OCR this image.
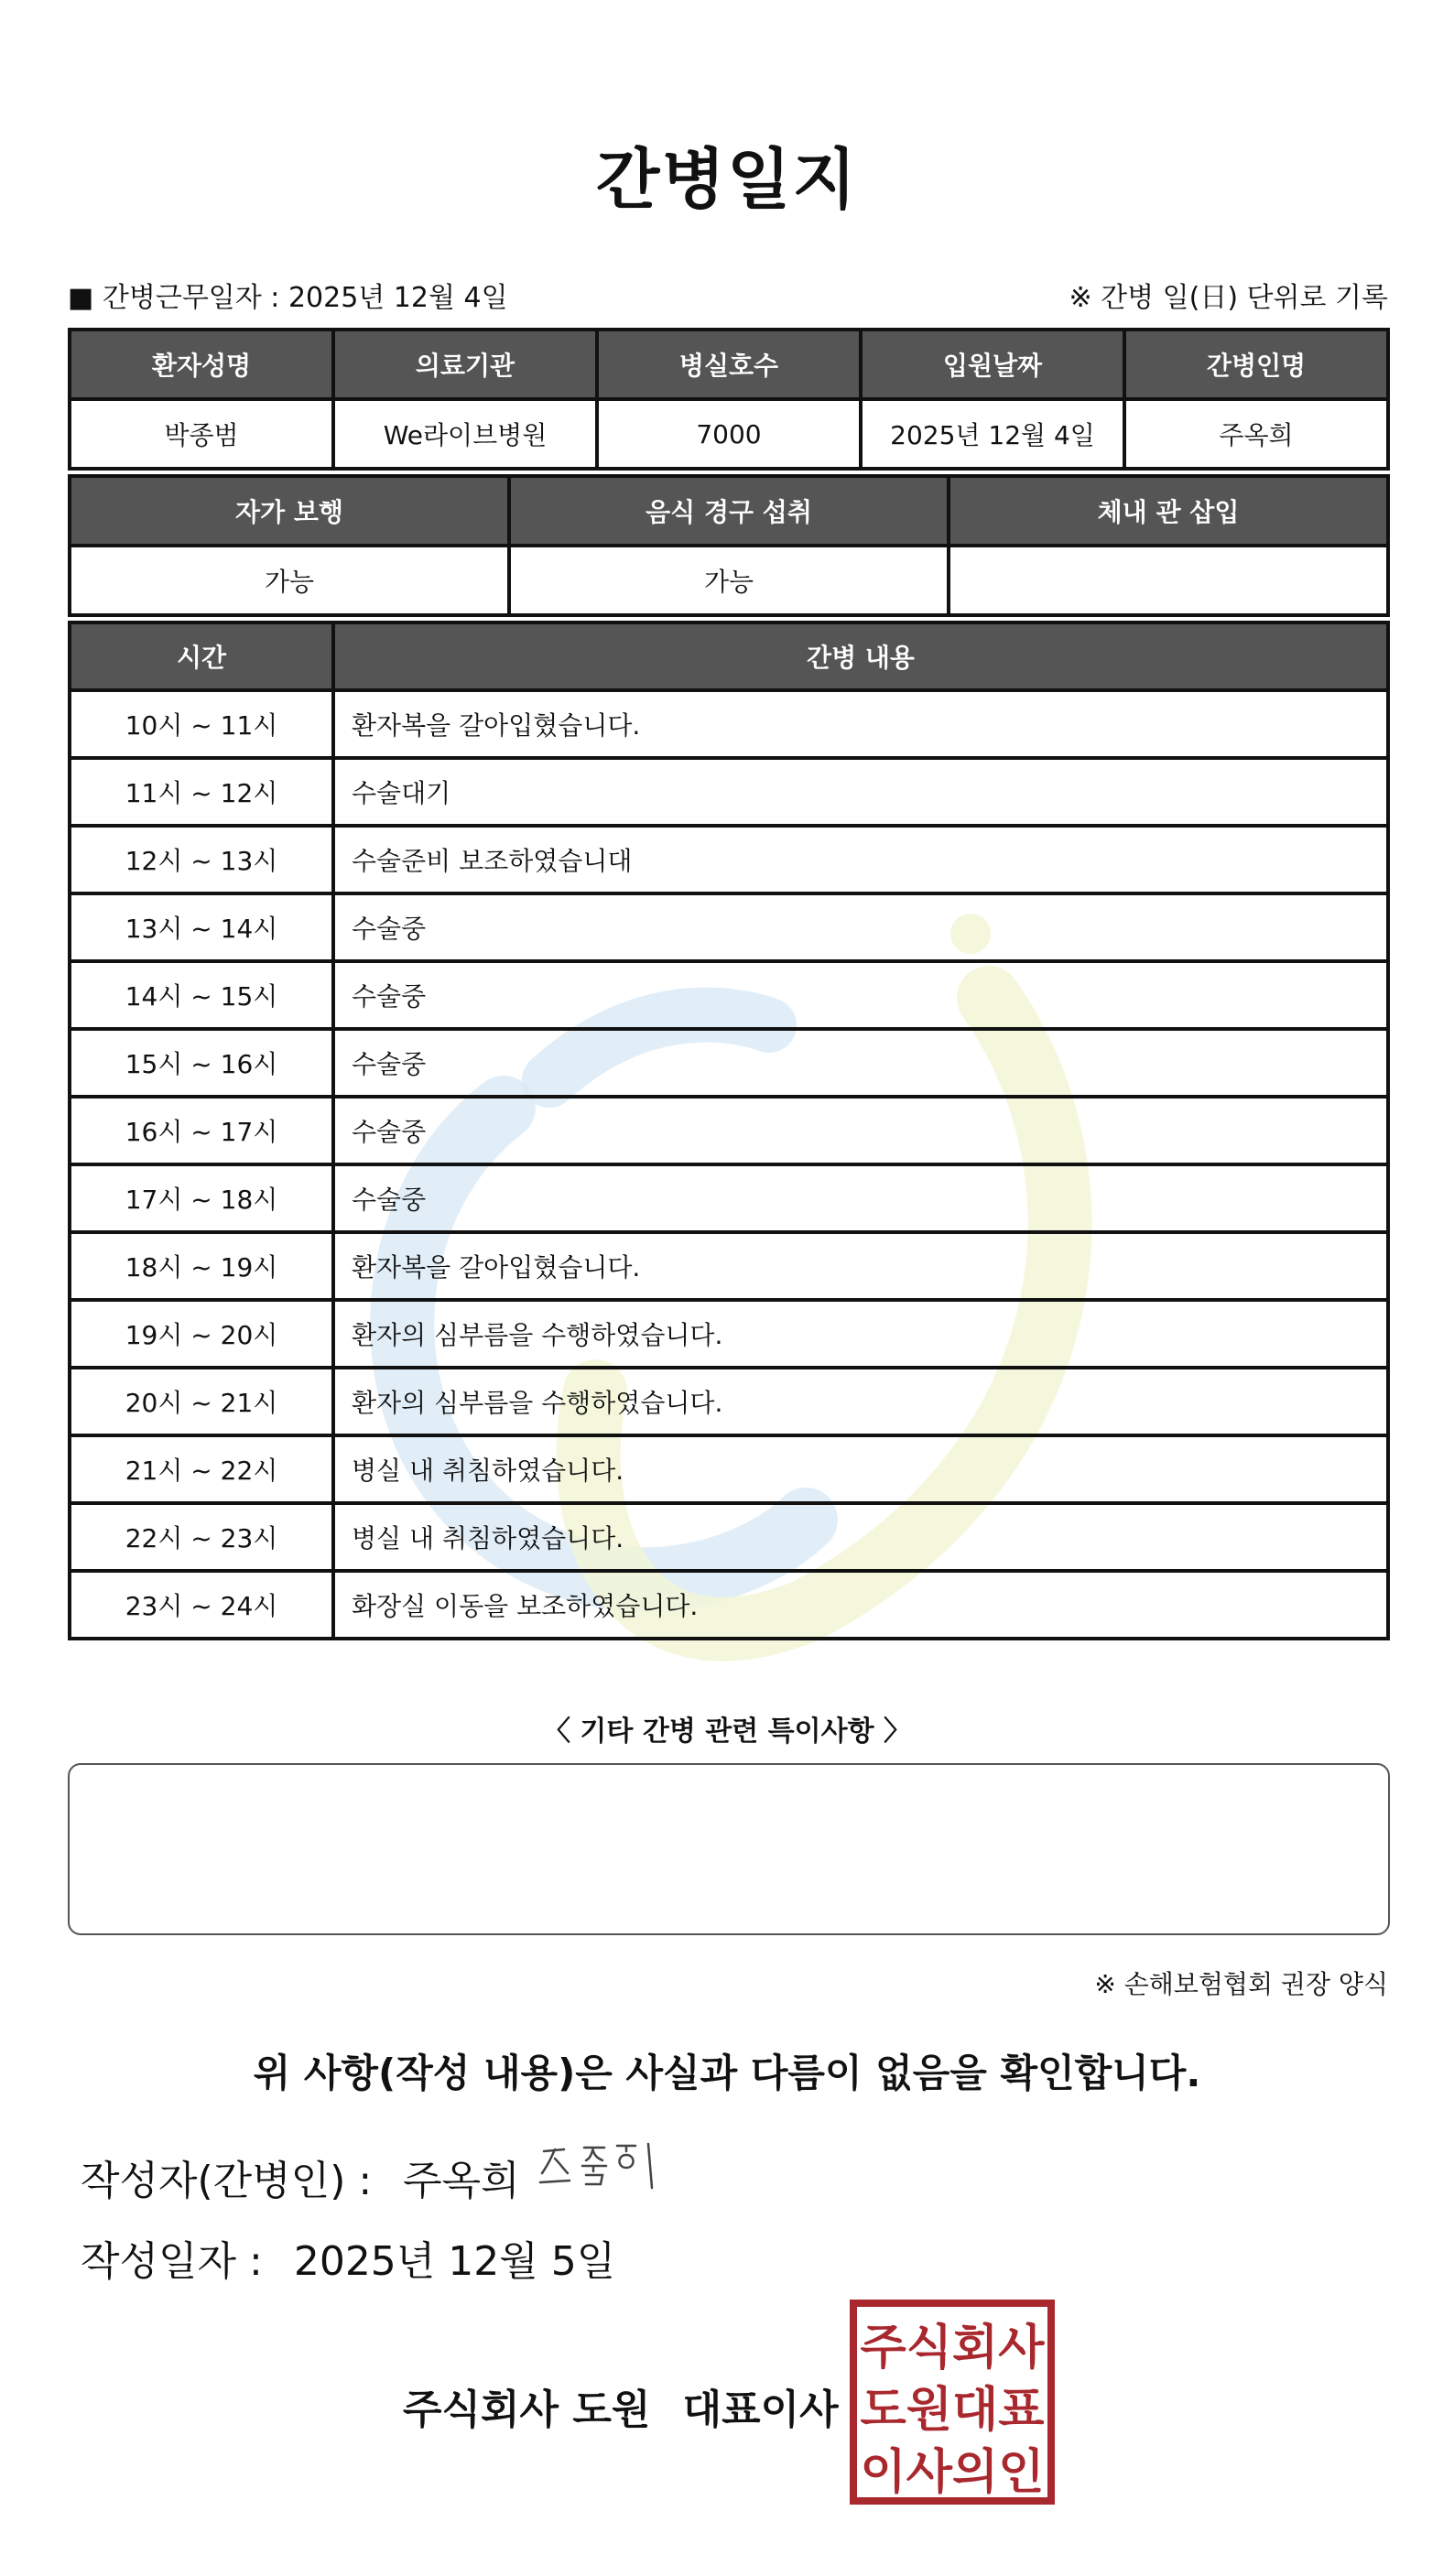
간병일지
■ 간병근무일자 : 2025년 12월 4일	※ 간병 일(日) 단위로 기록
환자성명	의료기관	병실호수	입원날짜	간병인명
박종범	We라이브병원	7000	2025년 12월 4일	주옥희
자가 보행	음식 경구 섭취	체내 관 삽입
가능	가능	
시간	간병 내용
10시 ~ 11시	환자복을 갈아입혔습니다.
11시 ~ 12시	수술대기
12시 ~ 13시	수술준비 보조하였습니대
13시 ~ 14시	수술중
14시 ~ 15시	수술중
15시 ~ 16시	수술중
16시 ~ 17시	수술중
17시 ~ 18시	수술중
18시 ~ 19시	환자복을 갈아입혔습니다.
19시 ~ 20시	환자의 심부름을 수행하였습니다.
20시 ~ 21시	환자의 심부름을 수행하였습니다.
21시 ~ 22시	병실 내 취침하였습니다.
22시 ~ 23시	병실 내 취침하였습니다.
23시 ~ 24시	화장실 이동을 보조하였습니다.
〈 기타 간병 관련 특이사항 〉
※ 손해보험협회 권장 양식
위 사항(작성 내용)은 사실과 다름이 없음을 확인합니다.
작성자(간병인) : 주옥희
작성일자 : 2025년 12월 5일
주식회사 도원 대표이사
주식회사
도원대표
이사의인
